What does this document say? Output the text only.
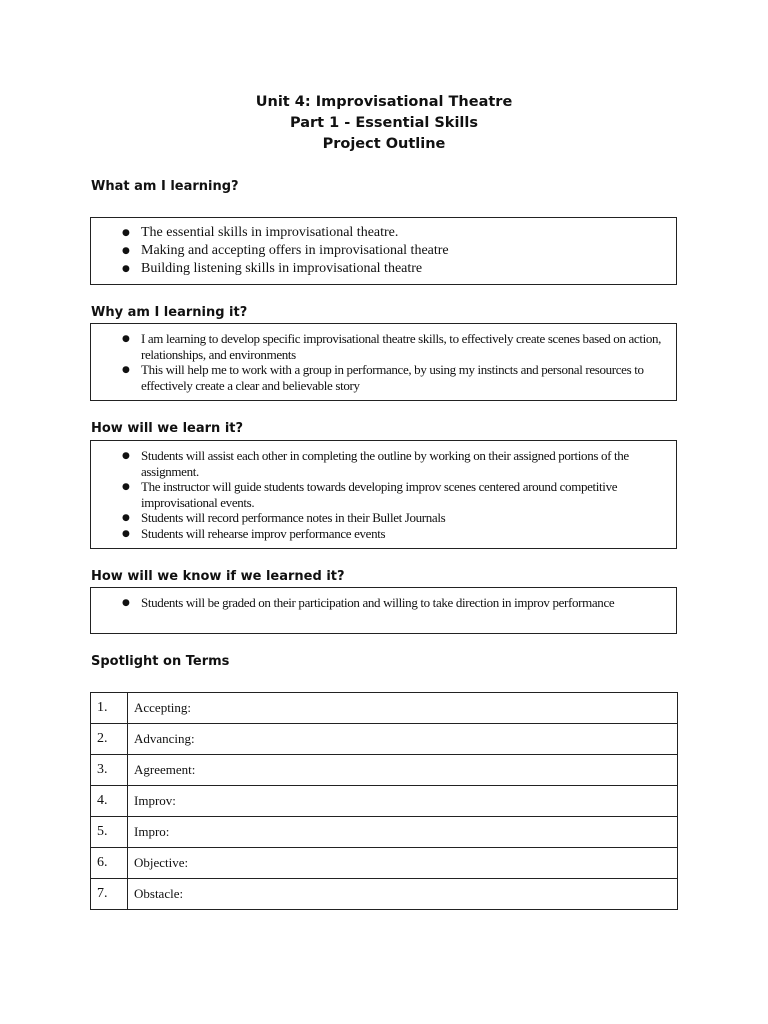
Unit 4: Improvisational Theatre
Part 1 - Essential Skills
Project Outline
What am I learning?
● The essential skills in improvisational theatre.
● Making and accepting offers in improvisational theatre
● Building listening skills in improvisational theatre
Why am I learning it?
● I am learning to develop specific improvisational theatre skills, to effectively create scenes based on action, relationships, and environments
● This will help me to work with a group in performance, by using my instincts and personal resources to effectively create a clear and believable story
How will we learn it?
● Students will assist each other in completing the outline by working on their assigned portions of the assignment.
● The instructor will guide students towards developing improv scenes centered around competitive improvisational events.
● Students will record performance notes in their Bullet Journals
● Students will rehearse improv performance events
How will we know if we learned it?
● Students will be graded on their participation and willing to take direction in improv performance
Spotlight on Terms
1.	Accepting:
2.	Advancing:
3.	Agreement:
4.	Improv:
5.	Impro:
6.	Objective:
7.	Obstacle:
